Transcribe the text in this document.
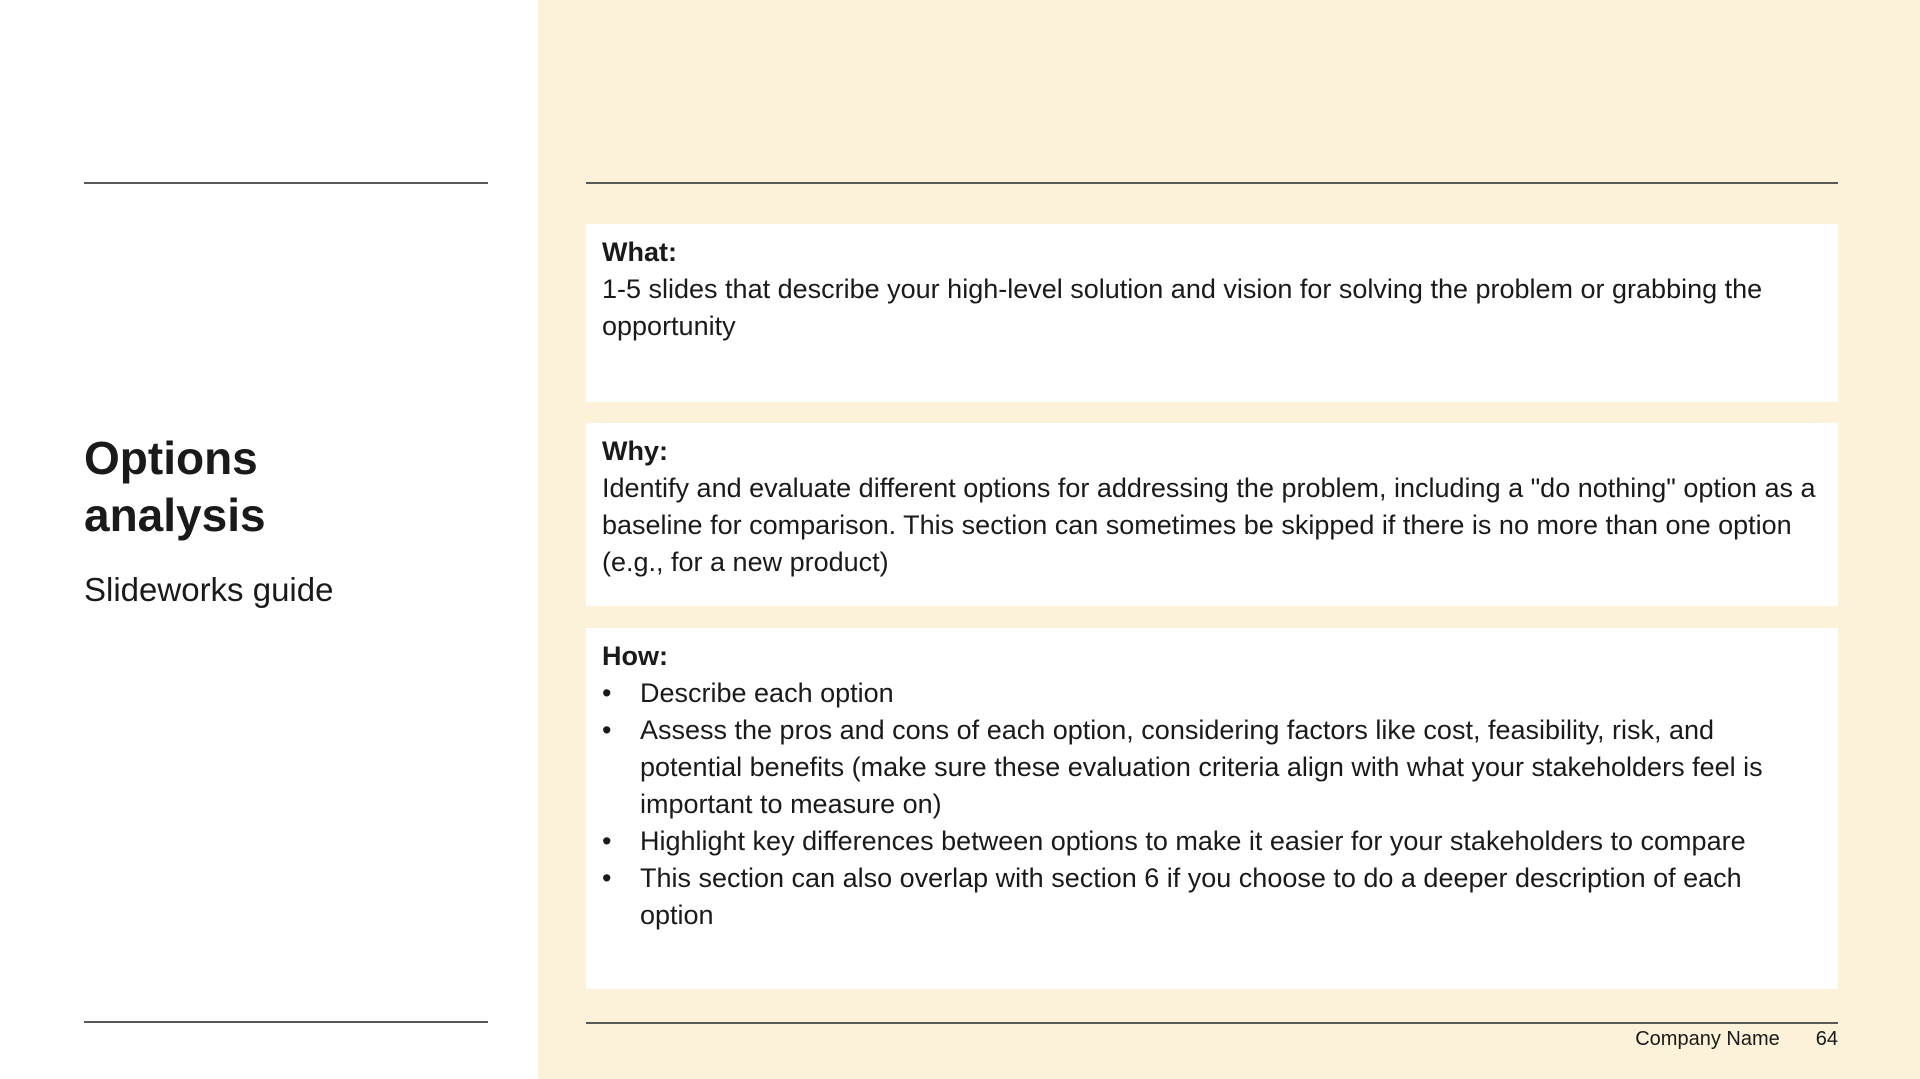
Options analysis

Slideworks guide

What:
1-5 slides that describe your high-level solution and vision for solving the problem or grabbing the opportunity
Why:
Identify and evaluate different options for addressing the problem, including a "do nothing" option as a baseline for comparison. This section can sometimes be skipped if there is no more than one option (e.g., for a new product)
How:
•	Describe each option
•	Assess the pros and cons of each option, considering factors like cost, feasibility, risk, and potential benefits (make sure these evaluation criteria align with what your stakeholders feel is important to measure on)
•	Highlight key differences between options to make it easier for your stakeholders to compare
•	This section can also overlap with section 6 if you choose to do a deeper description of each option
Company Name 64
